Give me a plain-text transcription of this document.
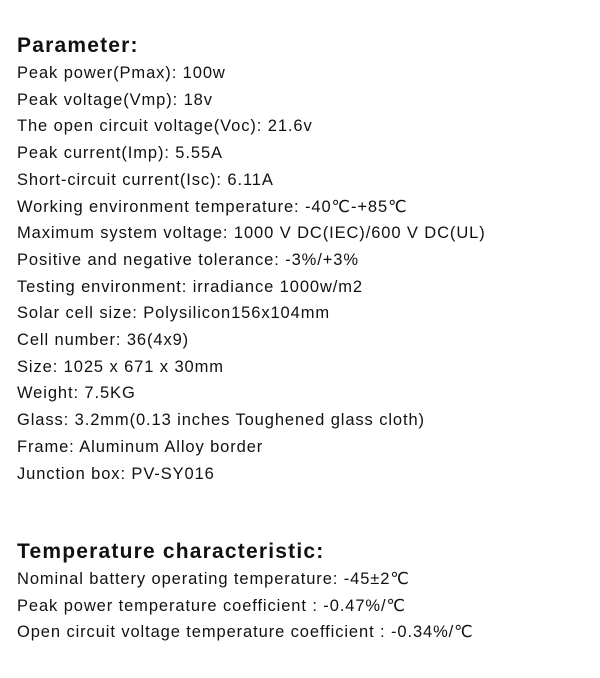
Parameter:
Peak power(Pmax): 100w
Peak voltage(Vmp): 18v
The open circuit voltage(Voc): 21.6v
Peak current(Imp): 5.55A
Short-circuit current(Isc): 6.11A
Working environment temperature: -40℃-+85℃
Maximum system voltage: 1000 V DC(IEC)/600 V DC(UL)
Positive and negative tolerance: -3%/+3%
Testing environment: irradiance 1000w/m2
Solar cell size: Polysilicon156x104mm
Cell number: 36(4x9)
Size: 1025 x 671 x 30mm
Weight: 7.5KG
Glass: 3.2mm(0.13 inches Toughened glass cloth)
Frame: Aluminum Alloy border
Junction box: PV-SY016
Temperature characteristic:
Nominal battery operating temperature: -45±2℃
Peak power temperature coefficient : -0.47%/℃
Open circuit voltage temperature coefficient : -0.34%/℃
